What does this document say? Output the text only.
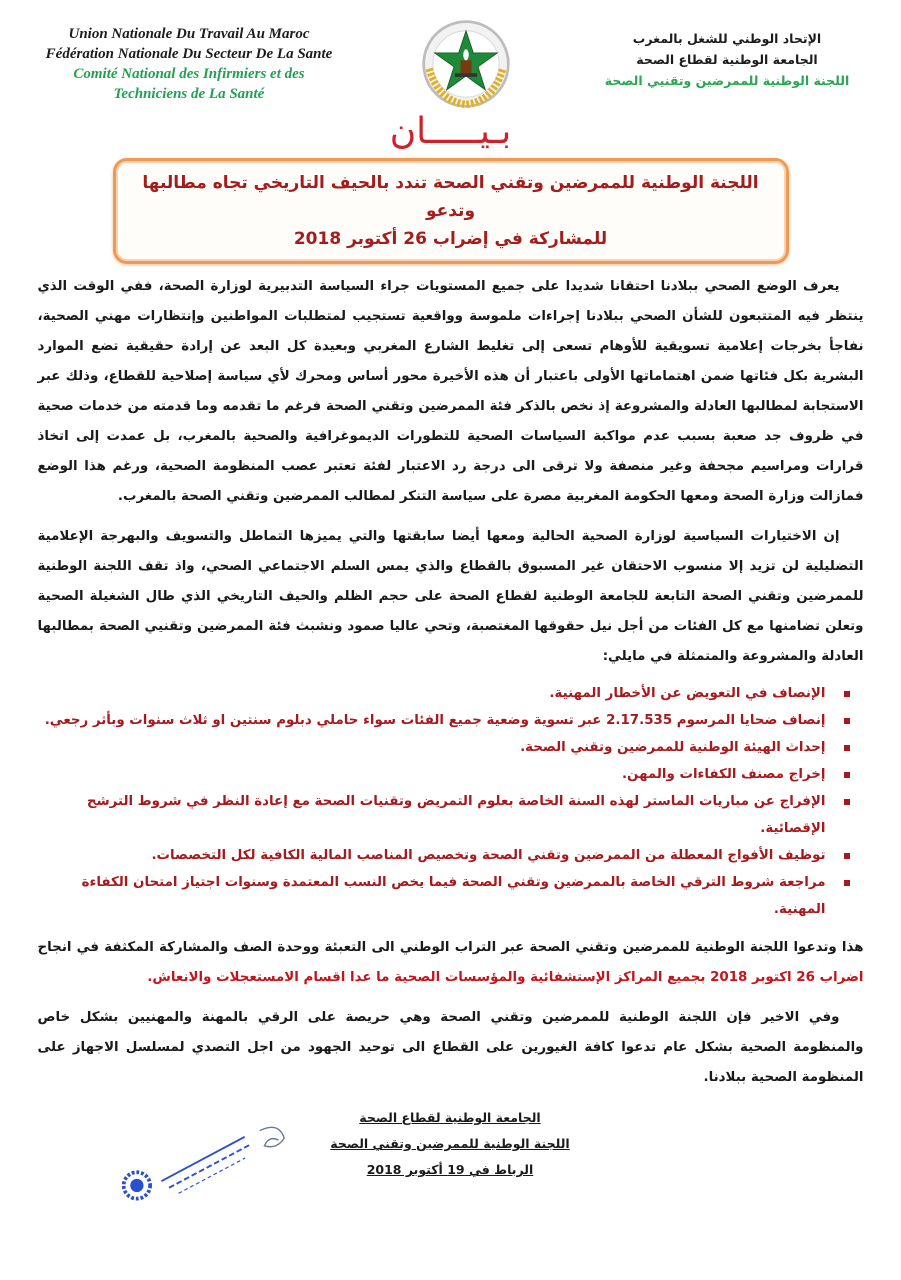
Union Nationale Du Travail Au Maroc
Fédération Nationale Du Secteur De La Sante
Comité National des Infirmiers et des
Techniciens de La Santé
الإتحاد الوطني للشغل بالمغرب
الجامعة الوطنية لقطاع الصحة
اللجنة الوطنية للممرضين وتقنيي الصحة
بـيـــــان
اللجنة الوطنية للممرضين وتقني الصحة تندد بالحيف التاريخي تجاه مطالبها وتدعو
للمشاركة في إضراب 26 أكتوبر 2018
يعرف الوضع الصحي ببلادنا احتقانا شديدا على جميع المستويات جراء السياسة التدبيرية لوزارة الصحة، ففي الوقت الذي ينتظر فيه المتتبعون للشأن الصحي ببلادنا إجراءات ملموسة وواقعية تستجيب لمتطلبات المواطنين وإنتظارات مهني الصحية، نفاجأ بخرجات إعلامية تسويقية للأوهام تسعى إلى تغليط الشارع المغربي وبعيدة كل البعد عن إرادة حقيقية تضع الموارد البشرية بكل فئاتها ضمن اهتماماتها الأولى باعتبار أن هذه الأخيرة محور أساس ومحرك لأي سياسة إصلاحية للقطاع، وذلك عبر الاستجابة لمطالبها العادلة والمشروعة إذ نخص بالذكر فئة الممرضين وتقني الصحة فرغم ما تقدمه وما قدمته من خدمات صحية في ظروف جد صعبة بسبب عدم مواكبة السياسات الصحية للتطورات الديموغرافية والصحية بالمغرب، بل عمدت إلى اتخاذ قرارات ومراسيم مجحفة وغير منصفة ولا ترقى الى درجة رد الاعتبار لفئة تعتبر عصب المنظومة الصحية، ورغم هذا الوضع فمازالت وزارة الصحة ومعها الحكومة المغربية مصرة على سياسة التنكر لمطالب الممرضين وتقني الصحة بالمغرب.
إن الاختيارات السياسية لوزارة الصحية الحالية ومعها أيضا سابقتها والتي يميزها التماطل والتسويف والبهرجة الإعلامية التضليلية لن تزيد إلا منسوب الاحتقان غير المسبوق بالقطاع والذي يمس السلم الاجتماعي الصحي، واذ تقف اللجنة الوطنية للممرضين وتقني الصحة التابعة للجامعة الوطنية لقطاع الصحة على حجم الظلم والحيف التاريخي الذي طال الشغيلة الصحية وتعلن تضامنها مع كل الفئات من أجل نيل حقوقها المغتصبة، وتحي عاليا صمود ونشبث فئة الممرضين وتقنيي الصحة بمطالبها العادلة والمشروعة والمتمثلة في مايلي:
الإنصاف في التعويض عن الأخطار المهنية.
إنصاف ضحايا المرسوم 2.17.535 عبر تسوية وضعية جميع الفئات سواء حاملي دبلوم سنتين او ثلاث سنوات وبأثر رجعي.
إحداث الهيئة الوطنية للممرضين وتقني الصحة.
إخراج مصنف الكفاءات والمهن.
الإفراج عن مباريات الماستر لهذه السنة الخاصة بعلوم التمريض وتقنيات الصحة مع إعادة النظر في شروط الترشح الإقصائية.
توظيف الأفواج المعطلة من الممرضين وتقني الصحة وتخصيص المناصب المالية الكافية لكل التخصصات.
مراجعة شروط الترقي الخاصة بالممرضين وتقني الصحة فيما يخص النسب المعتمدة وسنوات اجتياز امتحان الكفاءة المهنية.
هذا وتدعوا اللجنة الوطنية للممرضين وتقني الصحة عبر التراب الوطني الى التعبئة ووحدة الصف والمشاركة المكثفة في انجاح اضراب 26 اكتوبر 2018 بجميع المراكز الإستشفائية والمؤسسات الصحية ما عدا اقسام الامستعجلات والانعاش.
وفي الاخير فإن اللجنة الوطنية للممرضين وتقني الصحة وهي حريصة على الرقي بالمهنة والمهنيين بشكل خاص والمنظومة الصحية بشكل عام تدعوا كافة الغيورين على القطاع الى توحيد الجهود من اجل التصدي لمسلسل الاجهاز على المنظومة الصحية ببلادنا.
الجامعة الوطنية لقطاع الصحة
اللجنة الوطنية للممرضين وتقني الصحة
الرباط في 19 أكتوبر 2018
